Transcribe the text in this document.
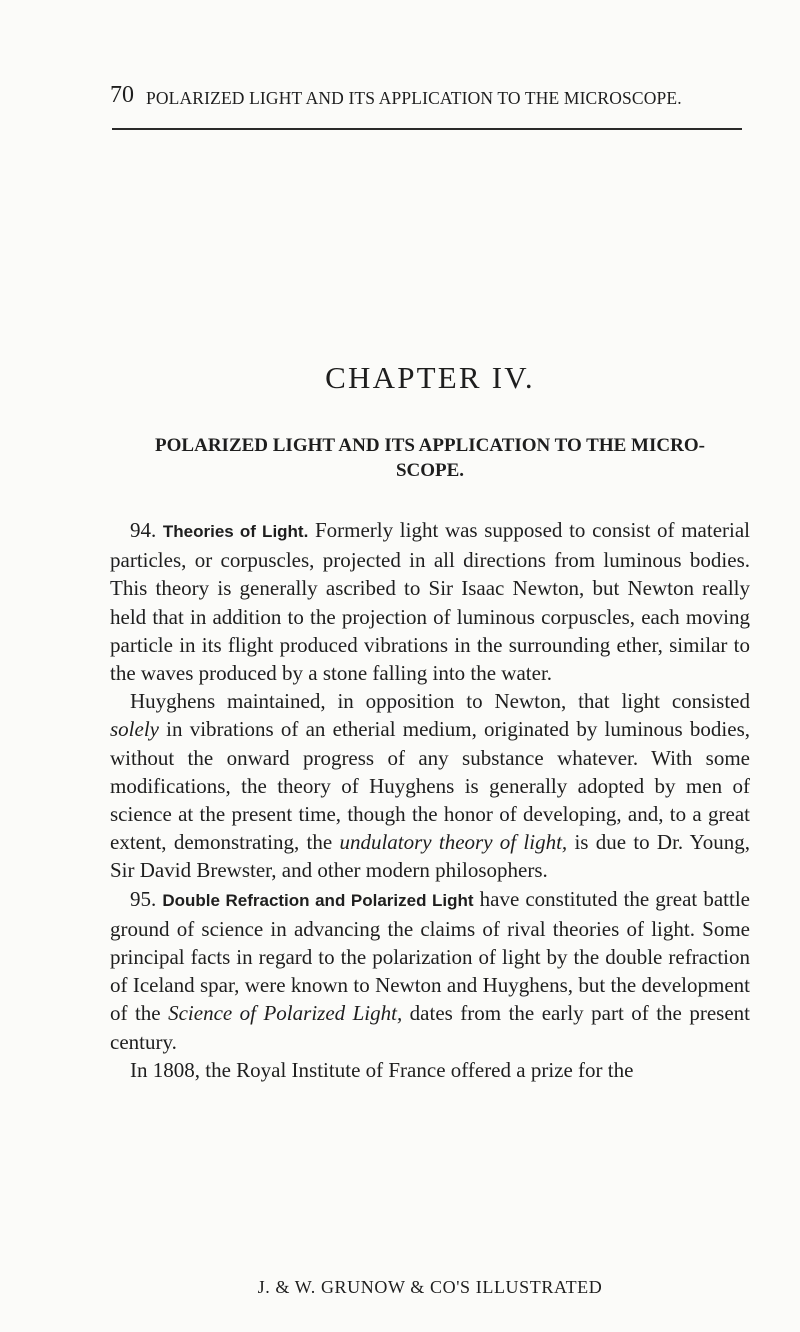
70 POLARIZED LIGHT AND ITS APPLICATION TO THE MICROSCOPE.
CHAPTER IV.
POLARIZED LIGHT AND ITS APPLICATION TO THE MICRO-
SCOPE.

94. Theories of Light. Formerly light was supposed to consist of material particles, or corpuscles, projected in all directions from luminous bodies. This theory is generally ascribed to Sir Isaac Newton, but Newton really held that in addition to the projection of luminous corpuscles, each moving particle in its flight produced vibrations in the surrounding ether, similar to the waves produced by a stone falling into the water.

Huyghens maintained, in opposition to Newton, that light consisted solely in vibrations of an etherial medium, originated by luminous bodies, without the onward progress of any substance whatever. With some modifications, the theory of Huyghens is generally adopted by men of science at the present time, though the honor of developing, and, to a great extent, demonstrating, the undulatory theory of light, is due to Dr. Young, Sir David Brewster, and other modern philosophers.

95. Double Refraction and Polarized Light have constituted the great battle ground of science in advancing the claims of rival theories of light. Some principal facts in regard to the polarization of light by the double refraction of Iceland spar, were known to Newton and Huyghens, but the development of the Science of Polarized Light, dates from the early part of the present century.

In 1808, the Royal Institute of France offered a prize for the

J. & W. GRUNOW & CO'S ILLUSTRATED
